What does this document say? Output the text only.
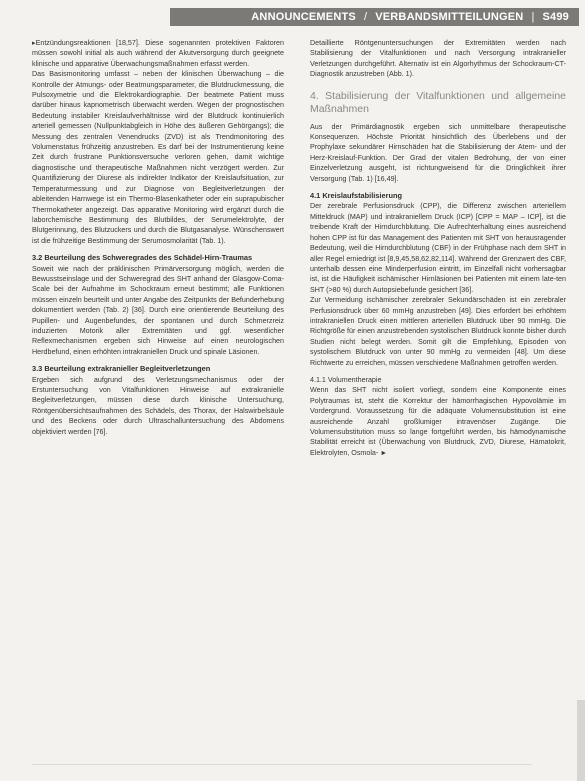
ANNOUNCEMENTS / VERBANDSMITTEILUNGEN | S499

▸ Entzündungsreaktionen [18,57]. Diese sogenannten protektiven Faktoren müssen sowohl initial als auch während der Akutversorgung durch geeignete klinische und apparative Überwachungsmaßnahmen erfasst werden.

Das Basismonitoring umfasst – neben der klinischen Überwachung – die Kontrolle der Atmungs- oder Beatmungsparameter, die Blutdruckmessung, die Pulsoxymetrie und die Elektrokardiographie. Der beatmete Patient muss darüber hinaus kapnometrisch überwacht werden. Wegen der prognostischen Bedeutung instabiler Kreislaufverhältnisse wird der Blutdruck kontinuierlich arteriell gemessen (Nullpunktabgleich in Höhe des äußeren Gehörgangs); die Messung des zentralen Venendrucks (ZVD) ist als Trendmonitoring des Volumenstatus frühzeitig anzustreben. Es darf bei der Instrumentierung keine Zeit durch frustrane Punktionsversuche verloren gehen, damit wichtige diagnostische und therapeutische Maßnahmen nicht verzögert werden. Zur Quantifizierung der Diurese als indirekter Indikator der Kreislaufsituation, zur Temperaturmessung und zur Diagnose von Begleitverletzungen der ableitenden Harnwege ist ein Thermo-Blasenkatheter oder ein suprapubischer Thermokatheter angezeigt. Das apparative Monitoring wird ergänzt durch die laborchemische Bestimmung des Blutbildes, der Serumelektrolyte, der Blutgerinnung, des Blutzuckers und durch die Blutgasanalyse. Wünschenswert ist die frühzeitige Bestimmung der Serumosmolarität (Tab. 1).

3.2 Beurteilung des Schweregrades des Schädel-Hirn-Traumas

Soweit wie nach der präklinischen Primärversorgung möglich, werden die Bewusstseinslage und der Schweregrad des SHT anhand der Glasgow-Coma-Scale bei der Aufnahme im Schockraum erneut bestimmt; alle Funktionen müssen einzeln beurteilt und unter Angabe des Zeitpunkts der Befunderhebung dokumentiert werden (Tab. 2) [36]. Durch eine orientierende Beurteilung des Pupillen- und Augenbefundes, der spontanen und durch Schmerzreiz induzierten Motorik aller Extremitäten und ggf. wesentlicher Reflexmechanismen ergeben sich Hinweise auf einen neurologischen Herdbefund, einen erhöhten intrakraniellen Druck und spinale Läsionen.

3.3 Beurteilung extrakranieller Begleitverletzungen

Ergeben sich aufgrund des Verletzungsmechanismus oder der Erstuntersuchung von Vitalfunktionen Hinweise auf extrakranielle Begleitverletzungen, müssen diese durch klinische Untersuchung, Röntgenübersichtsaufnahmen des Schädels, des Thorax, der Halswirbelsäule und des Beckens oder durch Ultraschalluntersuchung des Abdomens objektiviert werden [76].

Detaillierte Röntgenuntersuchungen der Extremitäten werden nach Stabilisierung der Vitalfunktionen und nach Versorgung intrakranieller Verletzungen durchgeführt. Alternativ ist ein Algorhythmus der Schockraum-CT-Diagnostik anzustreben (Abb. 1).

4. Stabilisierung der Vitalfunktionen und allgemeine Maßnahmen

Aus der Primärdiagnostik ergeben sich unmittelbare therapeutische Konsequenzen. Höchste Priorität hinsichtlich des Überlebens und der Prophylaxe sekundärer Hirnschäden hat die Stabilisierung der Atem- und der Herz-Kreislauf-Funktion. Der Grad der vitalen Bedrohung, der von einer Einzelverletzung ausgeht, ist richtungweisend für die Dringlichkeit ihrer Versorgung (Tab. 1) [16,49].

4.1 Kreislaufstabilisierung

Der zerebrale Perfusionsdruck (CPP), die Differenz zwischen arteriellem Mitteldruck (MAP) und intrakraniellem Druck (ICP) [CPP = MAP – ICP], ist die treibende Kraft der Hirndurchblutung. Die Aufrechterhaltung eines ausreichend hohen CPP ist für das Management des Patienten mit SHT von herausragender Bedeutung, weil die Hirndurchblutung (CBF) in der Frühphase nach dem SHT in aller Regel erniedrigt ist [8,9,45,58,62,82,114]. Während der Grenzwert des CBF, unterhalb dessen eine Minderperfusion eintritt, im Einzelfall nicht vorhersagbar ist, ist die Häufigkeit ischämischer Hirnläsionen bei Patienten mit einem late-ten SHT (>80 %) durch Autopsiebefunde gesichert [36].

Zur Vermeidung ischämischer zerebraler Sekundärschäden ist ein zerebraler Perfusionsdruck über 60 mmHg anzustreben [49]. Dies erfordert bei erhöhtem intrakraniellen Druck einen mittleren arteriellen Blutdruck über 90 mmHg. Die Richtgröße für einen anzustrebenden systolischen Blutdruck konnte bisher durch Studien nicht belegt werden. Somit gilt die Empfehlung, Episoden von systolischem Blutdruck von unter 90 mmHg zu vermeiden [48]. Um diese Richtwerte zu erreichen, müssen verschiedene Maßnahmen getroffen werden.

4.1.1 Volumentherapie

Wenn das SHT nicht isoliert vorliegt, sondern eine Komponente eines Polytraumas ist, steht die Korrektur der hämorrhagischen Hypovolämie im Vordergrund. Voraussetzung für die adäquate Volumensubstitution ist eine ausreichende Anzahl großlumiger intravenöser Zugänge. Die Volumensubstitution muss so lange fortgeführt werden, bis hämodynamische Stabilität erreicht ist (Überwachung von Blutdruck, ZVD, Diurese, Hämatokrit, Elektrolyten, Osmola- ►
